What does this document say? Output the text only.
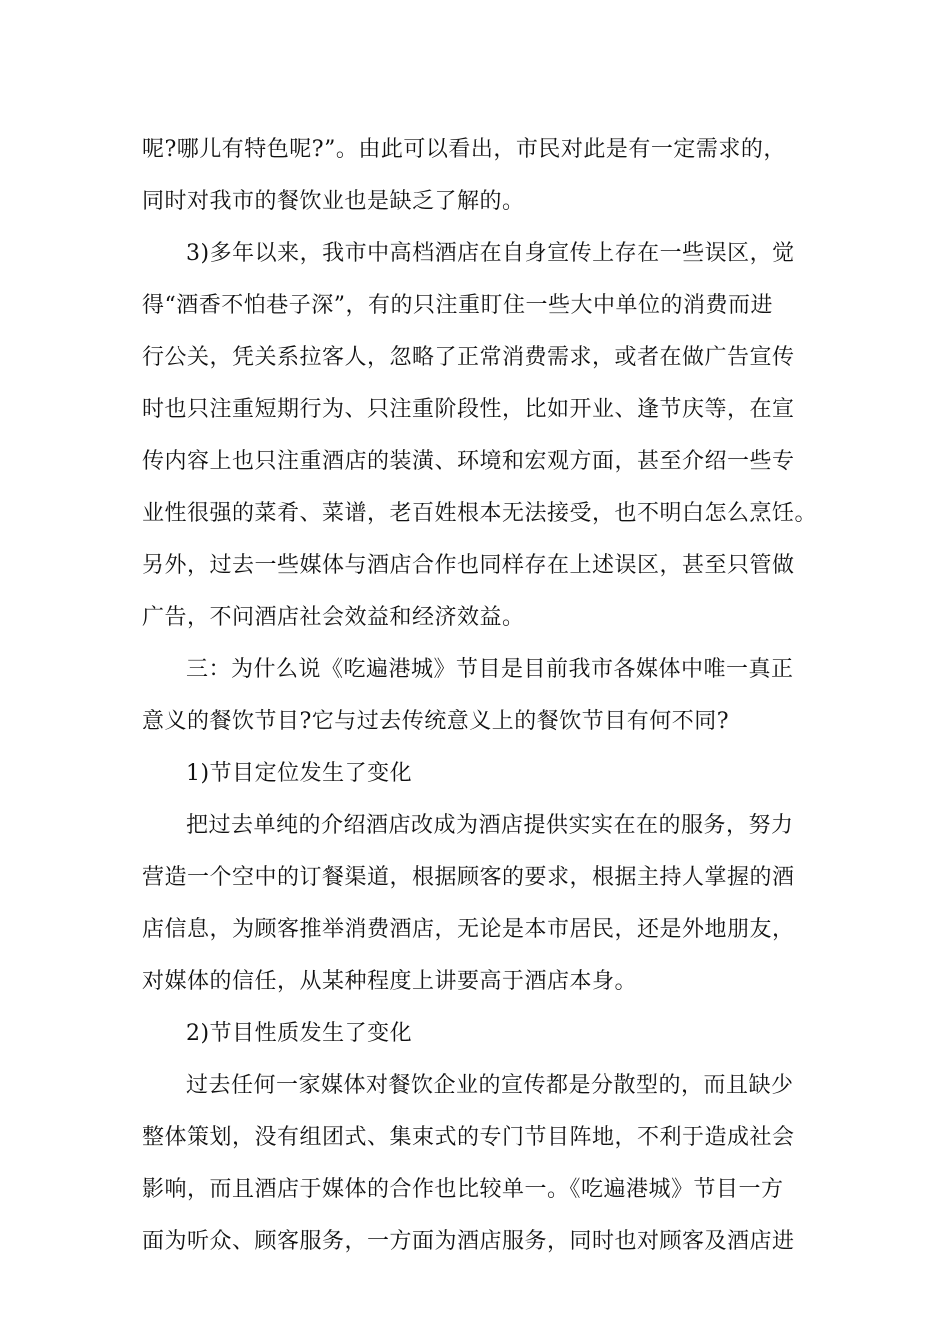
呢?哪儿有特色呢?”。由此可以看出，市民对此是有一定需求的，
同时对我市的餐饮业也是缺乏了解的。
3)多年以来，我市中高档酒店在自身宣传上存在一些误区，觉
得“酒香不怕巷子深”，有的只注重盯住一些大中单位的消费而进
行公关，凭关系拉客人，忽略了正常消费需求，或者在做广告宣传
时也只注重短期行为、只注重阶段性，比如开业、逢节庆等，在宣
传内容上也只注重酒店的装潢、环境和宏观方面，甚至介绍一些专
业性很强的菜肴、菜谱，老百姓根本无法接受，也不明白怎么烹饪。
另外，过去一些媒体与酒店合作也同样存在上述误区，甚至只管做
广告，不问酒店社会效益和经济效益。
三：为什么说《吃遍港城》节目是目前我市各媒体中唯一真正
意义的餐饮节目?它与过去传统意义上的餐饮节目有何不同?
1)节目定位发生了变化
把过去单纯的介绍酒店改成为酒店提供实实在在的服务，努力
营造一个空中的订餐渠道，根据顾客的要求，根据主持人掌握的酒
店信息，为顾客推举消费酒店，无论是本市居民，还是外地朋友，
对媒体的信任，从某种程度上讲要高于酒店本身。
2)节目性质发生了变化
过去任何一家媒体对餐饮企业的宣传都是分散型的，而且缺少
整体策划，没有组团式、集束式的专门节目阵地，不利于造成社会
影响，而且酒店于媒体的合作也比较单一。《吃遍港城》节目一方
面为听众、顾客服务，一方面为酒店服务，同时也对顾客及酒店进
